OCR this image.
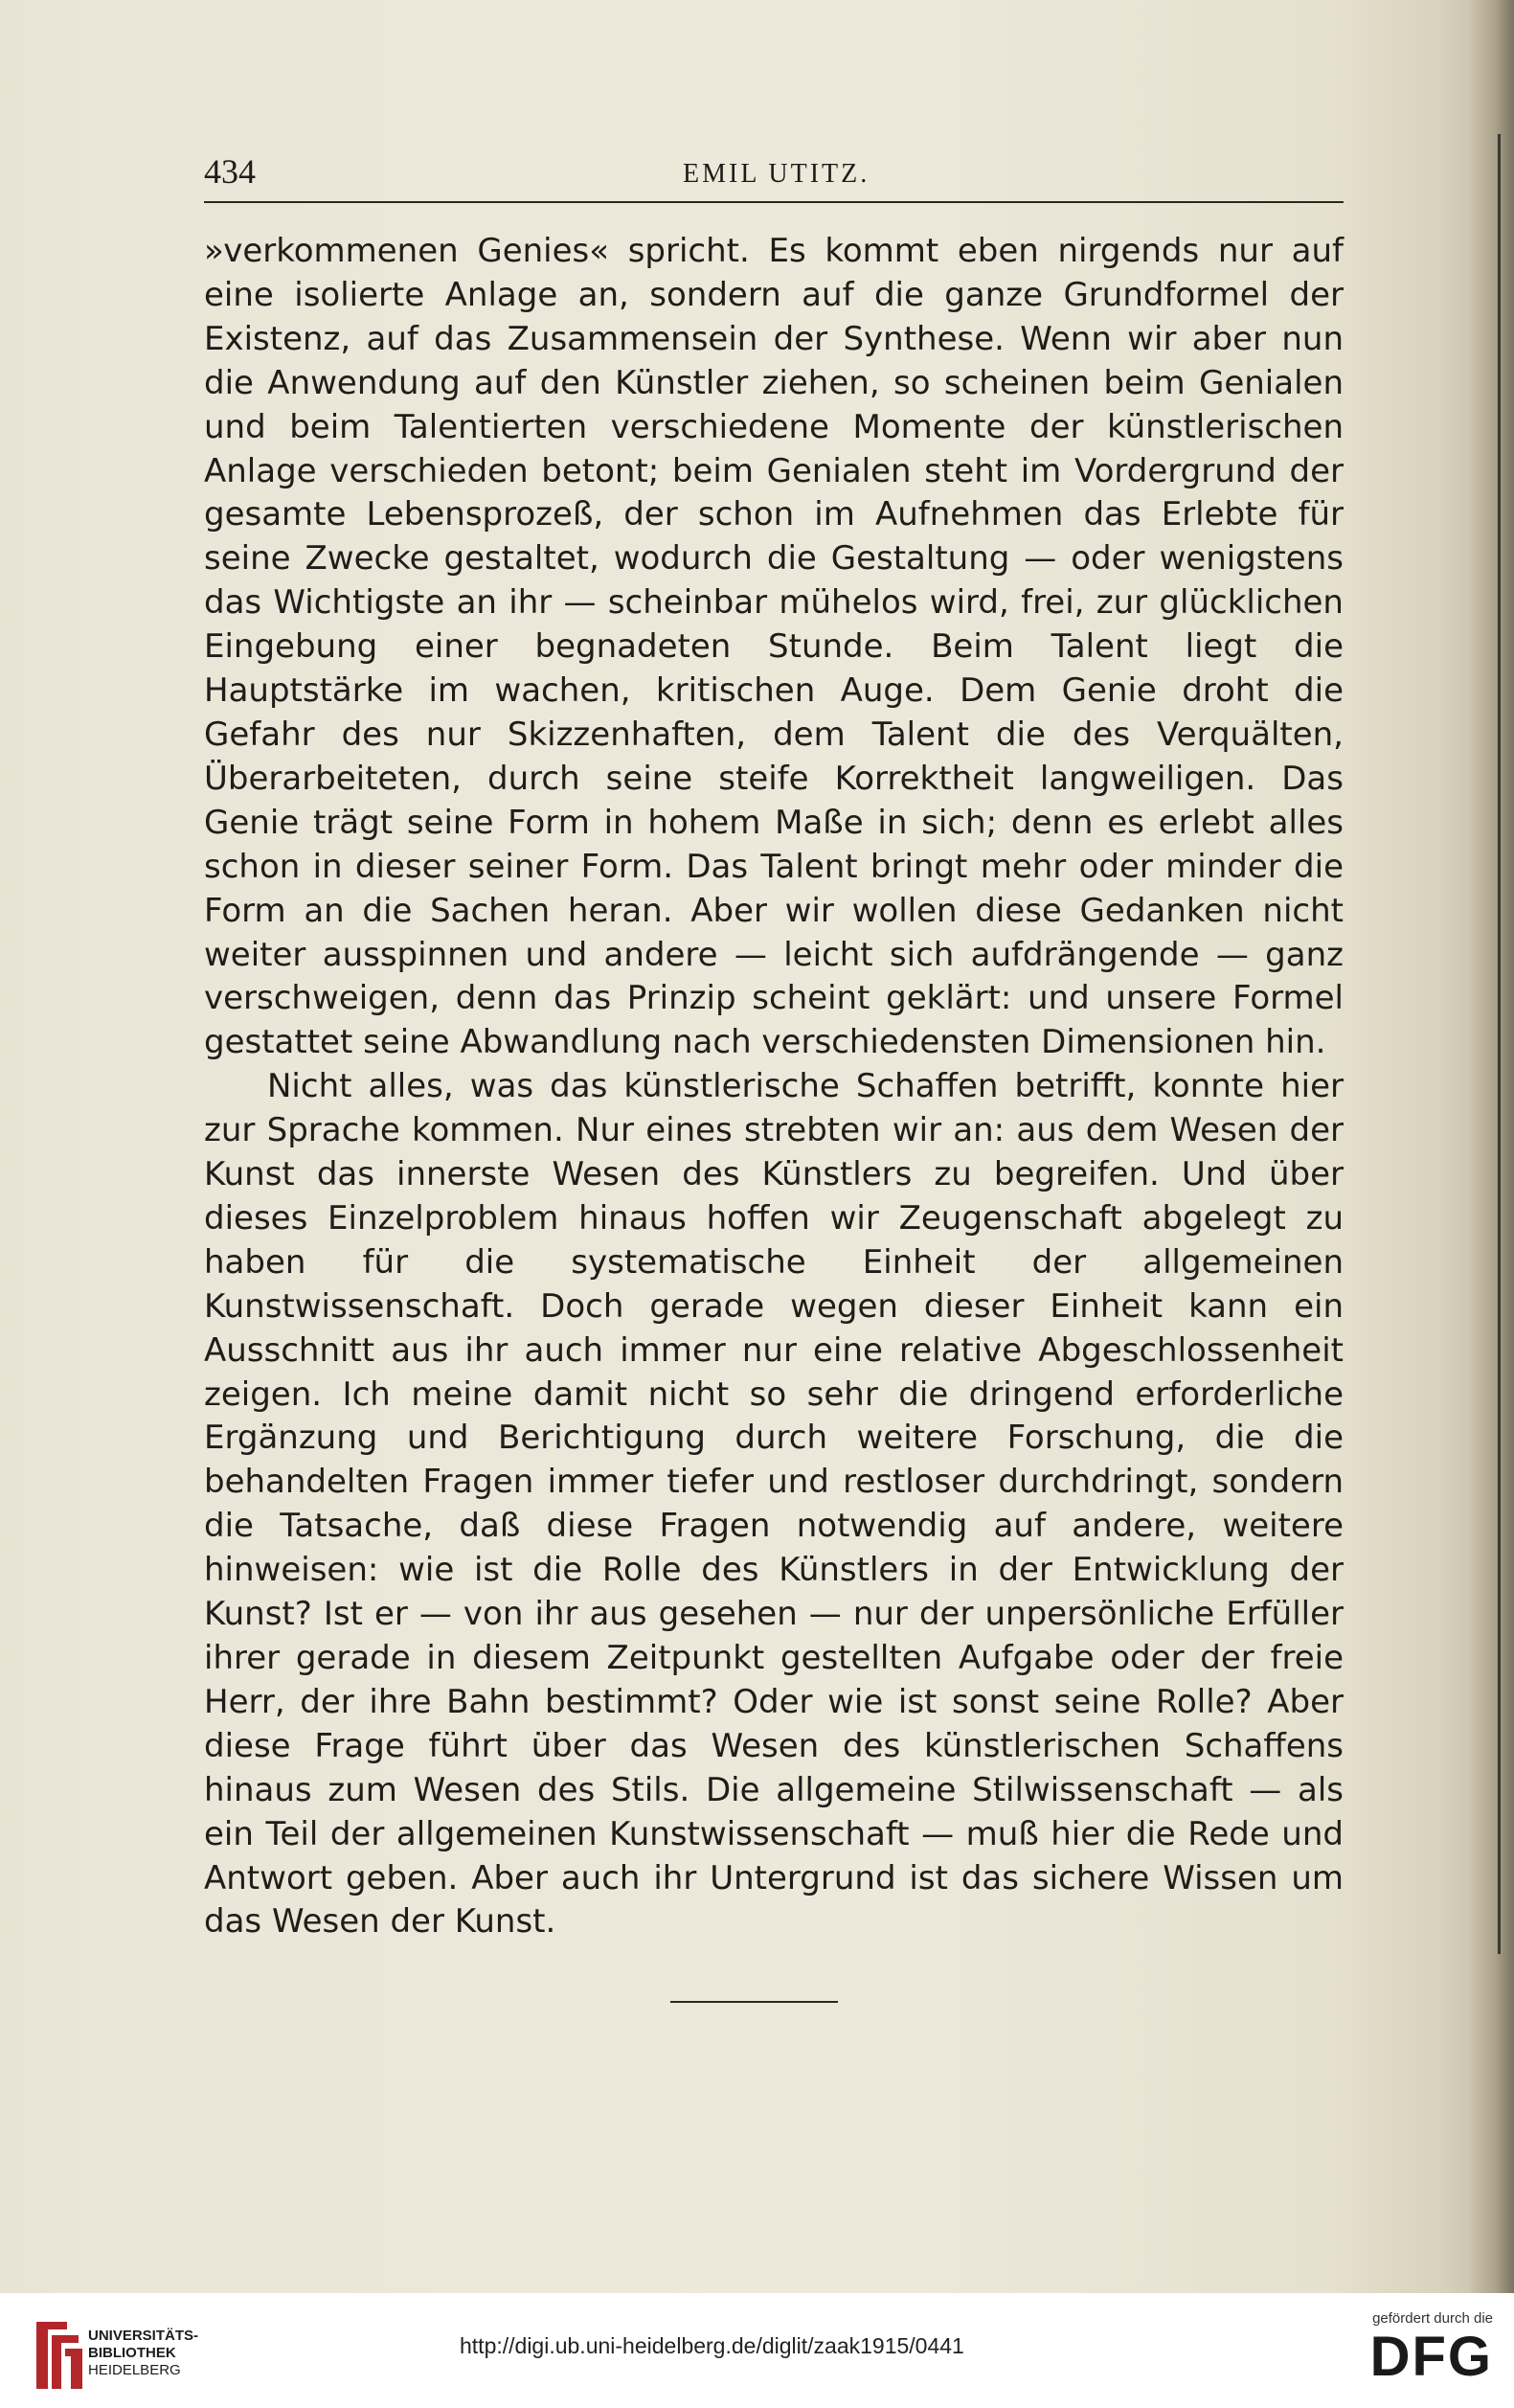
434	EMIL UTITZ.

»verkommenen Genies« spricht. Es kommt eben nirgends nur auf eine isolierte Anlage an, sondern auf die ganze Grundformel der Existenz, auf das Zusammensein der Synthese. Wenn wir aber nun die Anwendung auf den Künstler ziehen, so scheinen beim Genialen und beim Talentierten verschiedene Momente der künstlerischen Anlage verschieden betont; beim Genialen steht im Vordergrund der gesamte Lebensprozeß, der schon im Aufnehmen das Erlebte für seine Zwecke gestaltet, wodurch die Gestaltung — oder wenigstens das Wichtigste an ihr — scheinbar mühelos wird, frei, zur glücklichen Eingebung einer begnadeten Stunde. Beim Talent liegt die Hauptstärke im wachen, kritischen Auge. Dem Genie droht die Gefahr des nur Skizzenhaften, dem Talent die des Verquälten, Überarbeiteten, durch seine steife Korrektheit langweiligen. Das Genie trägt seine Form in hohem Maße in sich; denn es erlebt alles schon in dieser seiner Form. Das Talent bringt mehr oder minder die Form an die Sachen heran. Aber wir wollen diese Gedanken nicht weiter ausspinnen und andere — leicht sich aufdrängende — ganz verschweigen, denn das Prinzip scheint geklärt: und unsere Formel gestattet seine Abwandlung nach verschiedensten Dimensionen hin.

Nicht alles, was das künstlerische Schaffen betrifft, konnte hier zur Sprache kommen. Nur eines strebten wir an: aus dem Wesen der Kunst das innerste Wesen des Künstlers zu begreifen. Und über dieses Einzelproblem hinaus hoffen wir Zeugenschaft abgelegt zu haben für die systematische Einheit der allgemeinen Kunstwissenschaft. Doch gerade wegen dieser Einheit kann ein Ausschnitt aus ihr auch immer nur eine relative Abgeschlossenheit zeigen. Ich meine damit nicht so sehr die dringend erforderliche Ergänzung und Berichtigung durch weitere Forschung, die die behandelten Fragen immer tiefer und restloser durchdringt, sondern die Tatsache, daß diese Fragen notwendig auf andere, weitere hinweisen: wie ist die Rolle des Künstlers in der Entwicklung der Kunst? Ist er — von ihr aus gesehen — nur der unpersönliche Erfüller ihrer gerade in diesem Zeitpunkt gestellten Aufgabe oder der freie Herr, der ihre Bahn bestimmt? Oder wie ist sonst seine Rolle? Aber diese Frage führt über das Wesen des künstlerischen Schaffens hinaus zum Wesen des Stils. Die allgemeine Stilwissenschaft — als ein Teil der allgemeinen Kunstwissenschaft — muß hier die Rede und Antwort geben. Aber auch ihr Untergrund ist das sichere Wissen um das Wesen der Kunst.

UNIVERSITÄTS-
BIBLIOTHEK
HEIDELBERG
http://digi.ub.uni-heidelberg.de/diglit/zaak1915/0441
gefördert durch die
DFG
